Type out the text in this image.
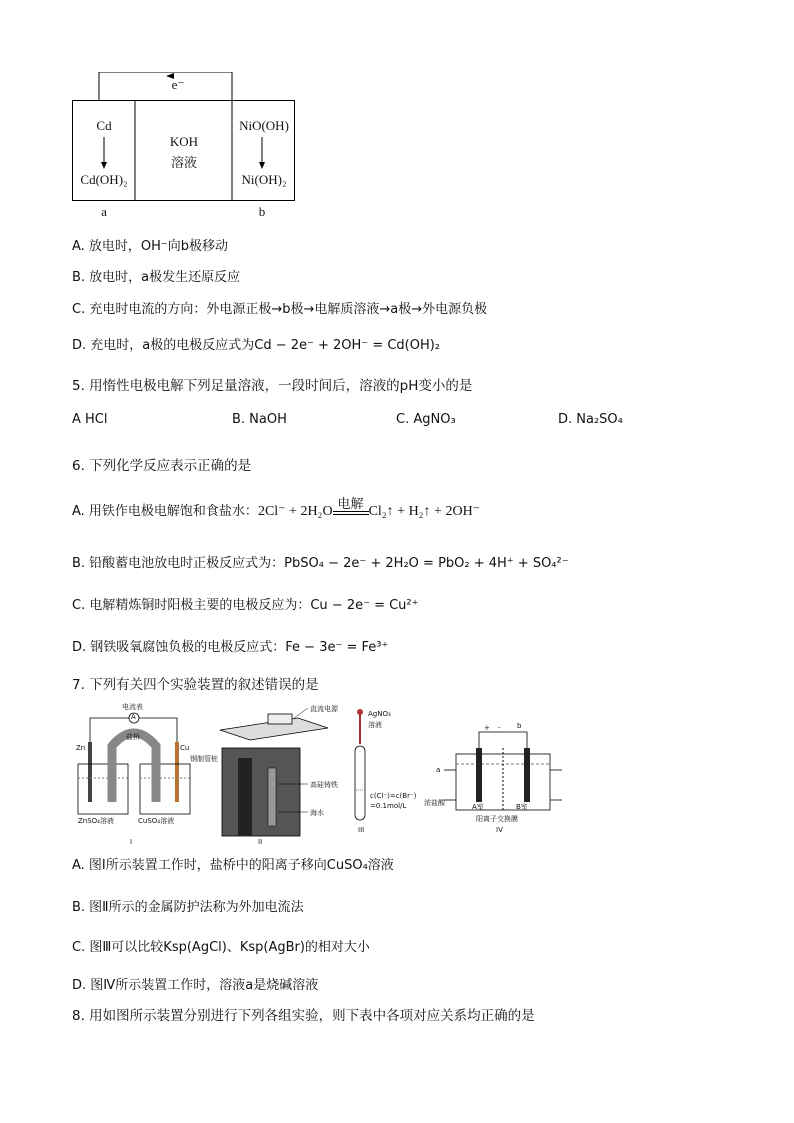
e⁻
Cd
Cd(OH)₂
KOH
溶液
NiO(OH)
Ni(OH)₂
a	b
A. 放电时，OH⁻向b极移动
B. 放电时，a极发生还原反应
C. 充电时电流的方向：外电源正极→b极→电解质溶液→a极→外电源负极
D. 充电时，a极的电极反应式为Cd − 2e⁻ + 2OH⁻ = Cd(OH)₂
5. 用惰性电极电解下列足量溶液，一段时间后，溶液的pH变小的是
A HCl	B. NaOH	C. AgNO₃	D. Na₂SO₄
6. 下列化学反应表示正确的是
A. 用铁作电极电解饱和食盐水：2Cl⁻ + 2H₂O 电解 Cl₂↑ + H₂↑ + 2OH⁻
B. 铅酸蓄电池放电时正极反应式为：PbSO₄ − 2e⁻ + 2H₂O = PbO₂ + 4H⁺ + SO₄²⁻
C. 电解精炼铜时阳极主要的电极反应为：Cu − 2e⁻ = Cu²⁺
D. 钢铁吸氧腐蚀负极的电极反应式：Fe − 3e⁻ = Fe³⁺
7. 下列有关四个实验装置的叙述错误的是
电流表
A
盐桥
Zn	Cu
ZnSO₄溶液	CuSO₄溶液
I
直流电源
钢制管桩
高硅铸铁
海水
II
AgNO₃
溶液
c(Cl⁻)=c(Br⁻)
=0.1mol/L
III
a
b
+ -
浓盐酸	A室	B室
阳离子交换膜
IV
A. 图Ⅰ所示装置工作时，盐桥中的阳离子移向CuSO₄溶液
B. 图Ⅱ所示的金属防护法称为外加电流法
C. 图Ⅲ可以比较Ksp(AgCl)、Ksp(AgBr)的相对大小
D. 图Ⅳ所示装置工作时，溶液a是烧碱溶液
8. 用如图所示装置分别进行下列各组实验，则下表中各项对应关系均正确的是
